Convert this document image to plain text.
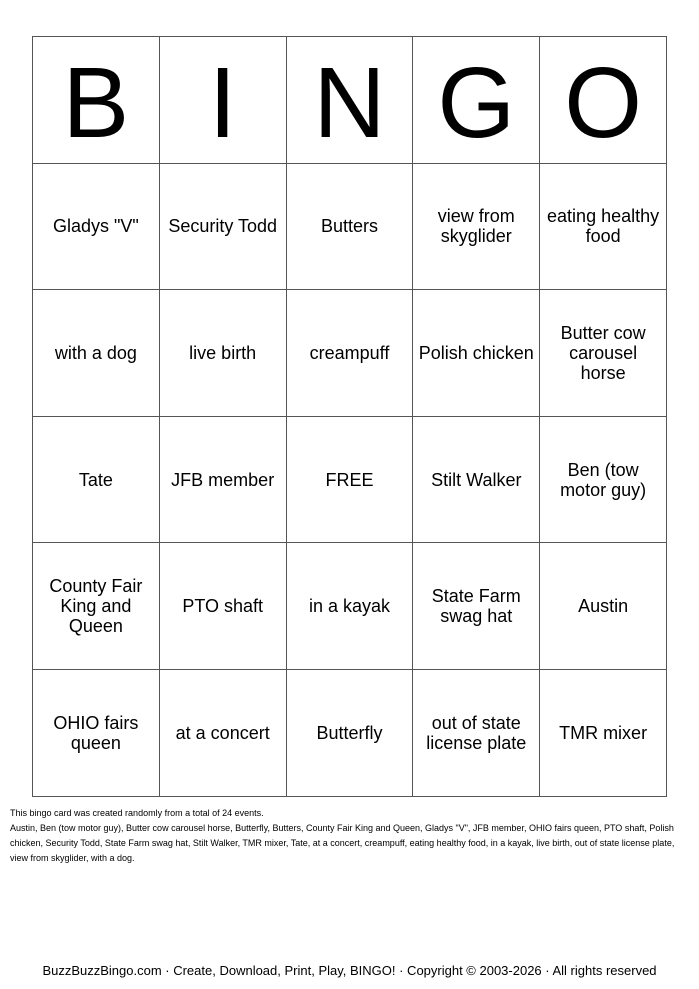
B	I	N	G	O
Gladys "V"	Security Todd	Butters	view from skyglider	eating healthy food
with a dog	live birth	creampuff	Polish chicken	Butter cow carousel horse
Tate	JFB member	FREE	Stilt Walker	Ben (tow motor guy)
County Fair King and Queen	PTO shaft	in a kayak	State Farm swag hat	Austin
OHIO fairs queen	at a concert	Butterfly	out of state license plate	TMR mixer

This bingo card was created randomly from a total of 24 events.

Austin, Ben (tow motor guy), Butter cow carousel horse, Butterfly, Butters, County Fair King and Queen, Gladys "V", JFB member, OHIO fairs queen, PTO shaft, Polish chicken, Security Todd, State Farm swag hat, Stilt Walker, TMR mixer, Tate, at a concert, creampuff, eating healthy food, in a kayak, live birth, out of state license plate, view from skyglider, with a dog.

BuzzBuzzBingo.com · Create, Download, Print, Play, BINGO! · Copyright © 2003-2026 · All rights reserved
